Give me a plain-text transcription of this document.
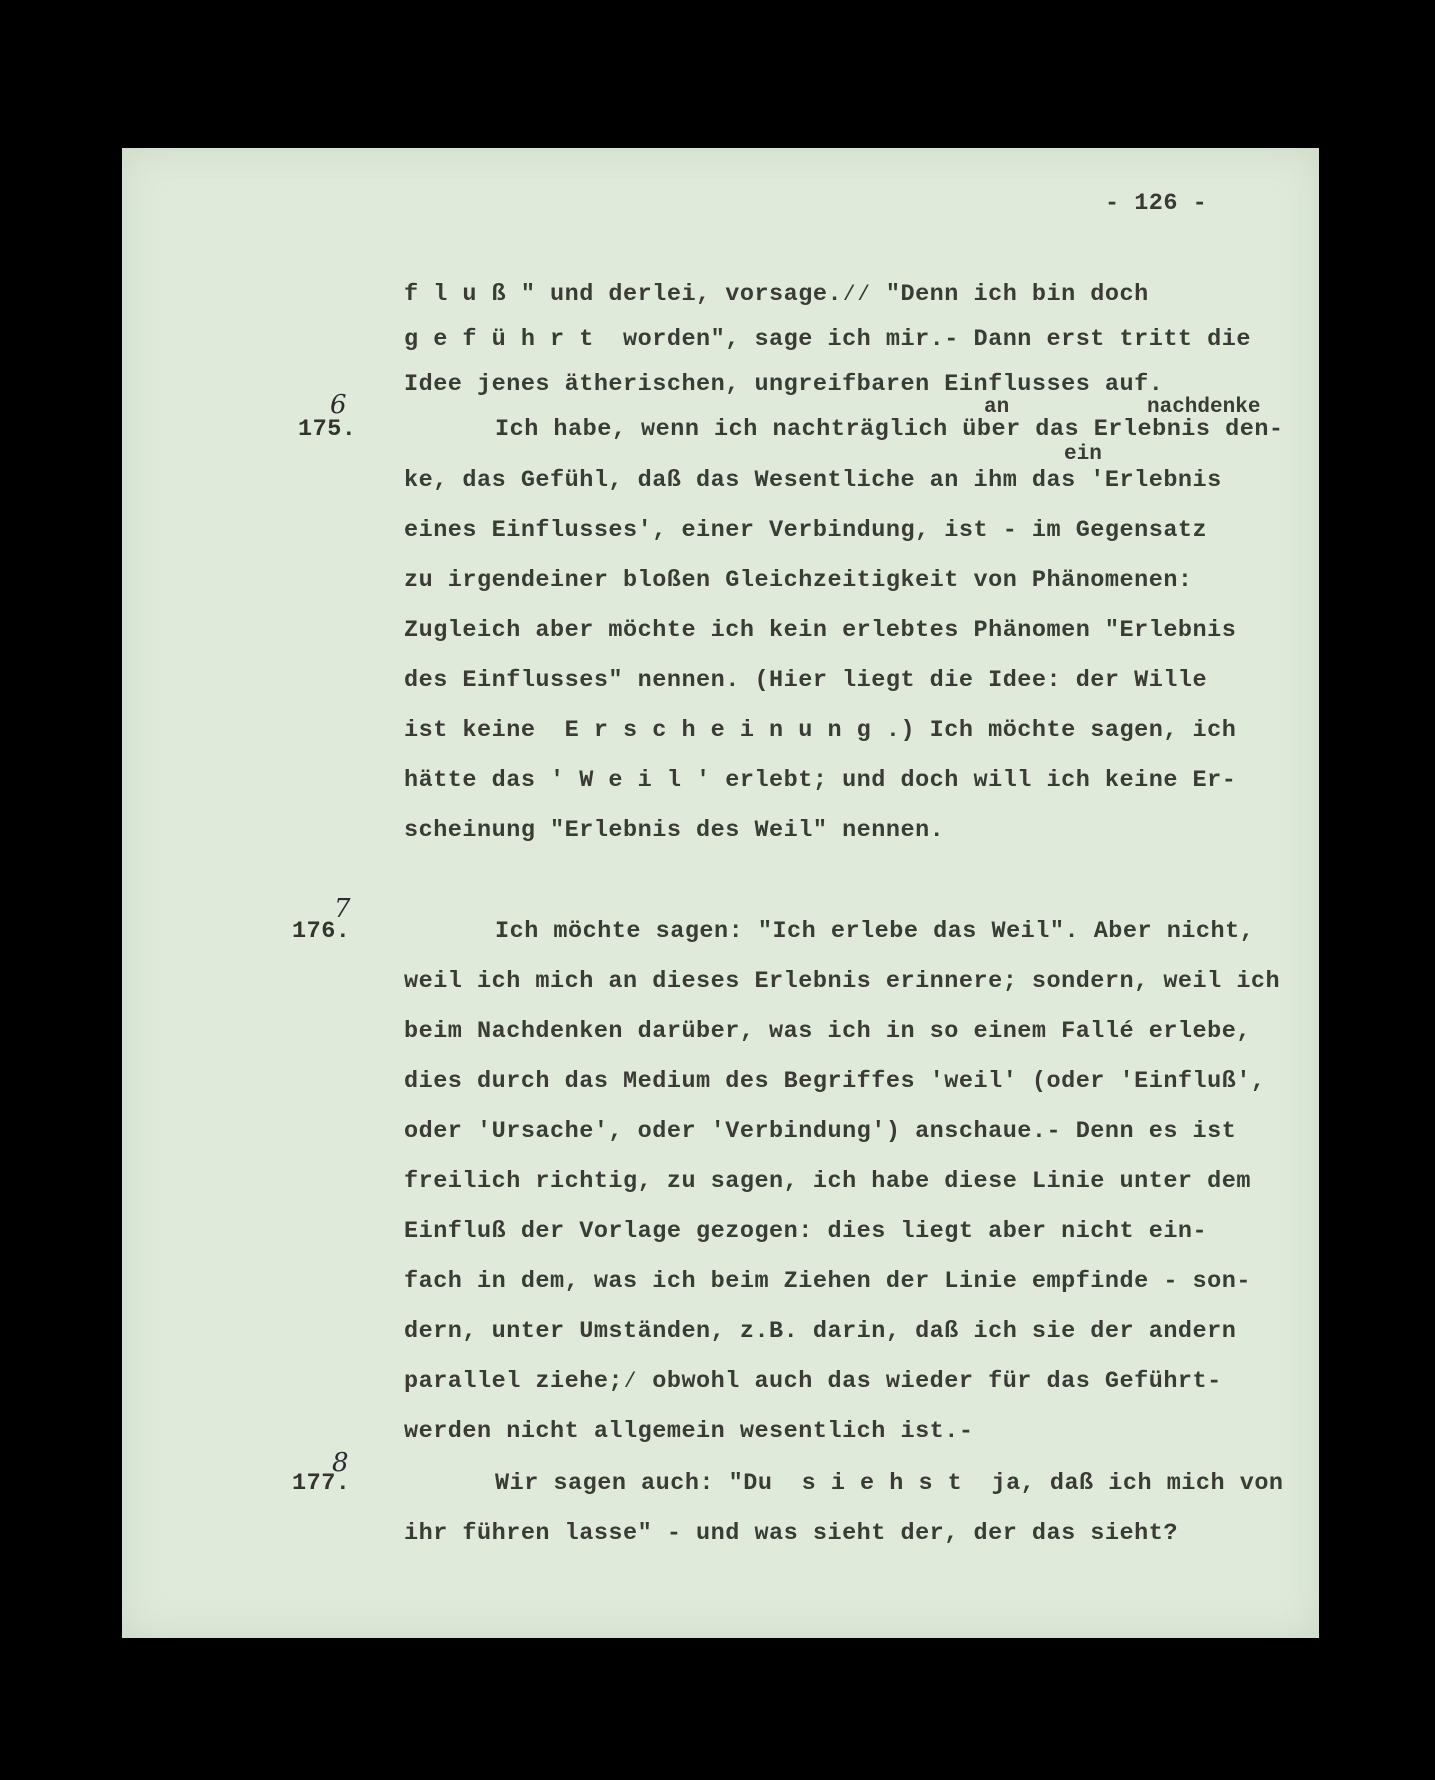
- 126 -
f l u ß " und derlei, vorsage.⁄⁄ "Denn ich bin doch
g e f ü h r t  worden", sage ich mir.- Dann erst tritt die
Idee jenes ätherischen, ungreifbaren Einflusses auf.
an	nachdenke
6
175.	Ich habe, wenn ich nachträglich über das Erlebnis den-
ein
ke, das Gefühl, daß das Wesentliche an ihm das 'Erlebnis
eines Einflusses', einer Verbindung, ist - im Gegensatz
zu irgendeiner bloßen Gleichzeitigkeit von Phänomenen:
Zugleich aber möchte ich kein erlebtes Phänomen "Erlebnis
des Einflusses" nennen. (Hier liegt die Idee: der Wille
ist keine  E r s c h e i n u n g .) Ich möchte sagen, ich
hätte das ' W e i l ' erlebt; und doch will ich keine Er-
scheinung "Erlebnis des Weil" nennen.
7
176.	Ich möchte sagen: "Ich erlebe das Weil". Aber nicht,
weil ich mich an dieses Erlebnis erinnere; sondern, weil ich
beim Nachdenken darüber, was ich in so einem Fallé erlebe,
dies durch das Medium des Begriffes 'weil' (oder 'Einfluß',
oder 'Ursache', oder 'Verbindung') anschaue.- Denn es ist
freilich richtig, zu sagen, ich habe diese Linie unter dem
Einfluß der Vorlage gezogen: dies liegt aber nicht ein-
fach in dem, was ich beim Ziehen der Linie empfinde - son-
dern, unter Umständen, z.B. darin, daß ich sie der andern
parallel ziehe;⁄ obwohl auch das wieder für das Geführt-
werden nicht allgemein wesentlich ist.-
8
177.	Wir sagen auch: "Du  s i e h s t  ja, daß ich mich von
ihr führen lasse" - und was sieht der, der das sieht?
